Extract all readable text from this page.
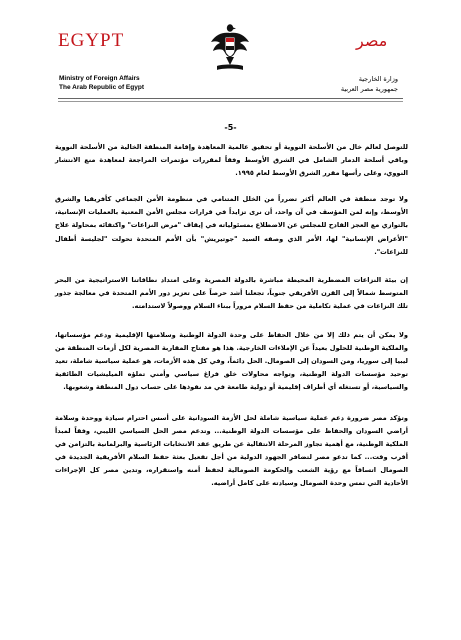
EGYPT
Ministry of Foreign Affairs
The Arab Republic of Egypt
مصر
وزارة الخارجية
جمهورية مصر العربية
-5-

للتوصل لعالم خال من الأسلحة النووية أو تحقيق عالمية المعاهدة وإقامة المنطقة الخالية من الأسلحة النووية وباقي أسلحة الدمار الشامل في الشرق الأوسط وفقاً لمقررات مؤتمرات المراجعة لمعاهدة منع الانتشار النووي، وعلى رأسها مقرر الشرق الأوسط لعام ١٩٩٥.

ولا توجد منطقة في العالم أكثر تضرراً من الخلل المتنامي في منظومة الأمن الجماعي كأفريقيا والشرق الأوسط، وإنه لمن المؤسف في آن واحد، أن نرى تزايداً في قرارات مجلس الأمن المعنية بالعمليات الإنسانية، بالتوازي مع العجز الفادح للمجلس عن الاضطلاع بمسئولياته في إيقاف "مرض النزاعات" واكتفائه بمحاولة علاج "الأعراض الإنسانية" لها، الأمر الذي وصفه السيد "جوتيريش" بأن الأمم المتحدة تحولت "لجليسة أطفال للنزاعات".

إن بيئة النزاعات المضطربة المحيطة مباشرة بالدولة المصرية وعلى امتداد نطاقاتنا الاستراتيجية من البحر المتوسط شمالاً إلى القرن الأفريقي جنوباً، تجعلنا أشد حرصاً على تعزيز دور الأمم المتحدة في معالجة جذور تلك النزاعات في عملية تكاملية من حفظ السلام مروراً ببناء السلام ووصولاً لاستدامته.

ولا يمكن أن يتم ذلك إلا من خلال الحفاظ على وحدة الدولة الوطنية وسلامتها الإقليمية ودعم مؤسساتها، والملكية الوطنية للحلول بعيداً عن الإملاءات الخارجية. هذا هو مفتاح المقاربة المصرية لكل أزمات المنطقة من ليبيا إلى سوريا، ومن السودان إلى الصومال. الحل دائماً، وفي كل هذه الأزمات، هو عملية سياسية شاملة، تعيد توحيد مؤسسات الدولة الوطنية، وتواجه محاولات خلق فراغ سياسي وأمني تملؤه الميليشيات الطائفية والسياسية، أو تستغله أي أطراف إقليمية أو دولية طامعة في مد نفوذها على حساب دول المنطقة وشعوبها.

وتؤكد مصر ضرورة دعم عملية سياسية شاملة لحل الأزمة السودانية على أسس احترام سيادة ووحدة وسلامة أراضي السودان والحفاظ على مؤسسات الدولة الوطنية... وتدعم مصر الحل السياسي الليبي، وفقاً لمبدأ الملكية الوطنية، مع أهمية تجاوز المرحلة الانتقالية عن طريق عقد الانتخابات الرئاسية والبرلمانية بالتزامن في أقرب وقت... كما تدعو مصر لتضافر الجهود الدولية من أجل تفعيل بعثة حفظ السلام الأفريقية الجديدة في الصومال اتساقاً مع رؤية الشعب والحكومة الصومالية لحفظ أمنه واستقراره، وتدين مصر كل الإجراءات الأحادية التي تمس وحدة الصومال وسيادته على كامل أراضيه.
